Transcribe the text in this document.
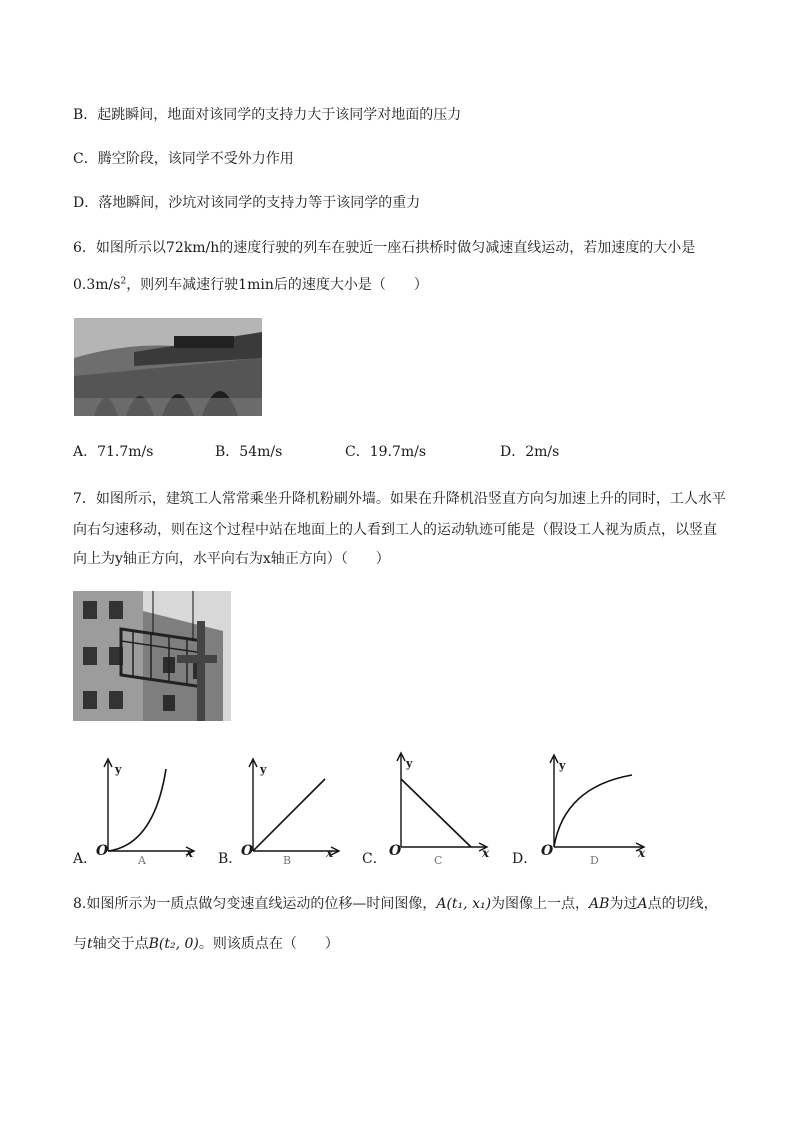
B．起跳瞬间，地面对该同学的支持力大于该同学对地面的压力
C．腾空阶段，该同学不受外力作用
D．落地瞬间，沙坑对该同学的支持力等于该同学的重力
6．如图所示以72km/h的速度行驶的列车在驶近一座石拱桥时做匀减速直线运动，若加速度的大小是
$0.3m/s^2$，则列车减速行驶1min后的速度大小是（　　）
A．71.7m/s	B．54m/s	C．19.7m/s	D．2m/s
7．如图所示，建筑工人常常乘坐升降机粉刷外墙。如果在升降机沿竖直方向匀加速上升的同时，工人水平
向右匀速移动，则在这个过程中站在地面上的人看到工人的运动轨迹可能是（假设工人视为质点，以竖直
向上为y轴正方向，水平向右为x轴正方向）（　　）
A．
y
O	x
A	B．
y
O	x
B	C．
y
O	x
C	D．
y
O	x
D
8.如图所示为一质点做匀变速直线运动的位移—时间图像，A(t₁, x₁)为图像上一点，AB为过A点的切线，
与t轴交于点B(t₂, 0)。则该质点在（　　）
